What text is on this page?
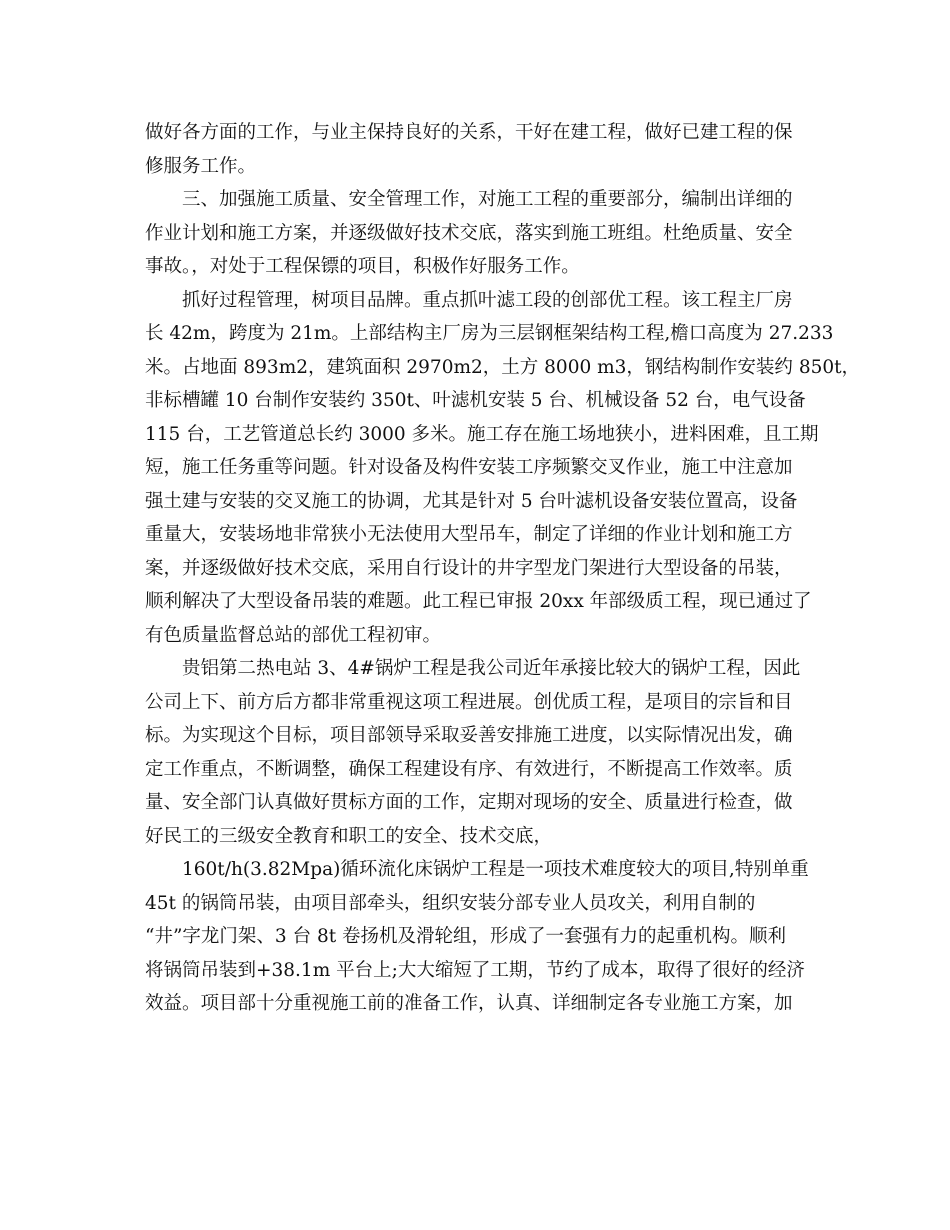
做好各方面的工作，与业主保持良好的关系，干好在建工程，做好已建工程的保
修服务工作。
三、加强施工质量、安全管理工作，对施工工程的重要部分，编制出详细的
作业计划和施工方案，并逐级做好技术交底，落实到施工班组。杜绝质量、安全
事故。，对处于工程保镖的项目，积极作好服务工作。
抓好过程管理，树项目品牌。重点抓叶滤工段的创部优工程。该工程主厂房
长 42m，跨度为 21m。上部结构主厂房为三层钢框架结构工程,檐口高度为 27.233
米。占地面 893m2，建筑面积 2970m2，土方 8000 m3，钢结构制作安装约 850t，
非标槽罐 10 台制作安装约 350t、叶滤机安装 5 台、机械设备 52 台，电气设备
115 台，工艺管道总长约 3000 多米。施工存在施工场地狭小，进料困难，且工期
短，施工任务重等问题。针对设备及构件安装工序频繁交叉作业，施工中注意加
强土建与安装的交叉施工的协调，尤其是针对 5 台叶滤机设备安装位置高，设备
重量大，安装场地非常狭小无法使用大型吊车，制定了详细的作业计划和施工方
案，并逐级做好技术交底，采用自行设计的井字型龙门架进行大型设备的吊装，
顺利解决了大型设备吊装的难题。此工程已审报 20xx 年部级质工程，现已通过了
有色质量监督总站的部优工程初审。
贵铝第二热电站 3、4#锅炉工程是我公司近年承接比较大的锅炉工程，因此
公司上下、前方后方都非常重视这项工程进展。创优质工程，是项目的宗旨和目
标。为实现这个目标，项目部领导采取妥善安排施工进度，以实际情况出发，确
定工作重点，不断调整，确保工程建设有序、有效进行，不断提高工作效率。质
量、安全部门认真做好贯标方面的工作，定期对现场的安全、质量进行检查，做
好民工的三级安全教育和职工的安全、技术交底，
160t/h(3.82Mpa)循环流化床锅炉工程是一项技术难度较大的项目,特别单重
45t 的锅筒吊装，由项目部牵头，组织安装分部专业人员攻关，利用自制的
“井”字龙门架、3 台 8t 卷扬机及滑轮组，形成了一套强有力的起重机构。顺利
将锅筒吊装到+38.1m 平台上;大大缩短了工期，节约了成本，取得了很好的经济
效益。项目部十分重视施工前的准备工作，认真、详细制定各专业施工方案，加
